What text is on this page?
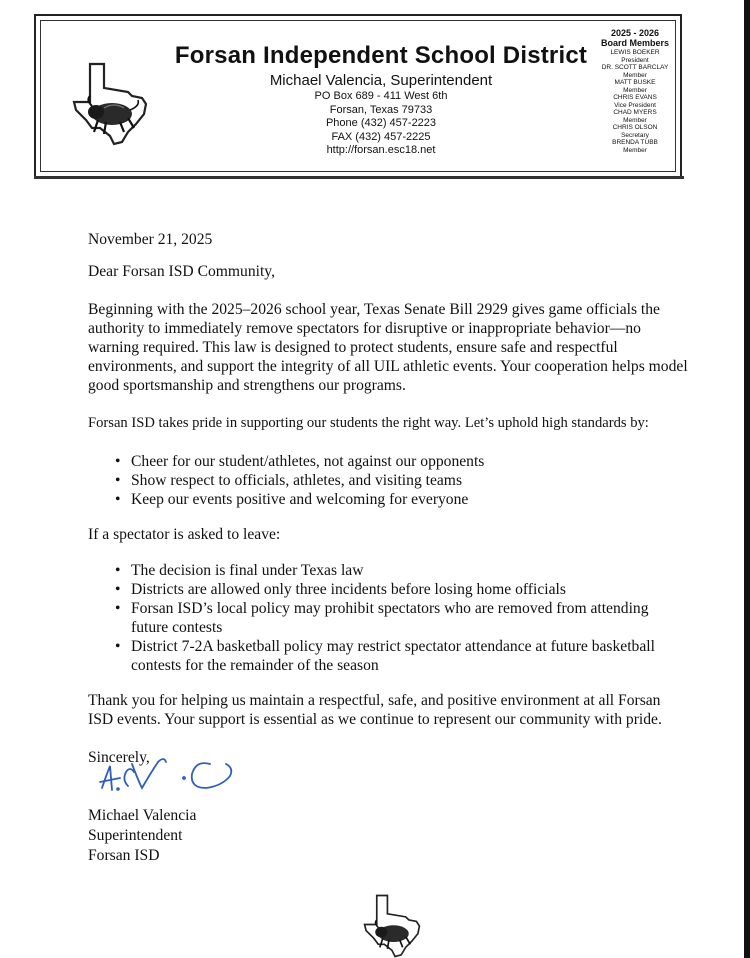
Forsan Independent School District
Michael Valencia, Superintendent
PO Box 689 - 411 West 6th
Forsan, Texas 79733
Phone (432) 457-2223
FAX (432) 457-2225
http://forsan.esc18.net
2025 - 2026
Board Members
LEWIS BOEKER
President
DR. SCOTT BARCLAY
Member
MATT BUSKE
Member
CHRIS EVANS
Vice President
CHAD MYERS
Member
CHRIS OLSON
Secretary
BRENDA TUBB
Member

November 21, 2025

Dear Forsan ISD Community,

Beginning with the 2025–2026 school year, Texas Senate Bill 2929 gives game officials the authority to immediately remove spectators for disruptive or inappropriate behavior—no warning required. This law is designed to protect students, ensure safe and respectful environments, and support the integrity of all UIL athletic events. Your cooperation helps model good sportsmanship and strengthens our programs.

Forsan ISD takes pride in supporting our students the right way. Let’s uphold high standards by:

• Cheer for our student/athletes, not against our opponents
• Show respect to officials, athletes, and visiting teams
• Keep our events positive and welcoming for everyone

If a spectator is asked to leave:

• The decision is final under Texas law
• Districts are allowed only three incidents before losing home officials
• Forsan ISD’s local policy may prohibit spectators who are removed from attending future contests
• District 7-2A basketball policy may restrict spectator attendance at future basketball contests for the remainder of the season

Thank you for helping us maintain a respectful, safe, and positive environment at all Forsan ISD events. Your support is essential as we continue to represent our community with pride.

Sincerely,

Michael Valencia
Superintendent
Forsan ISD
